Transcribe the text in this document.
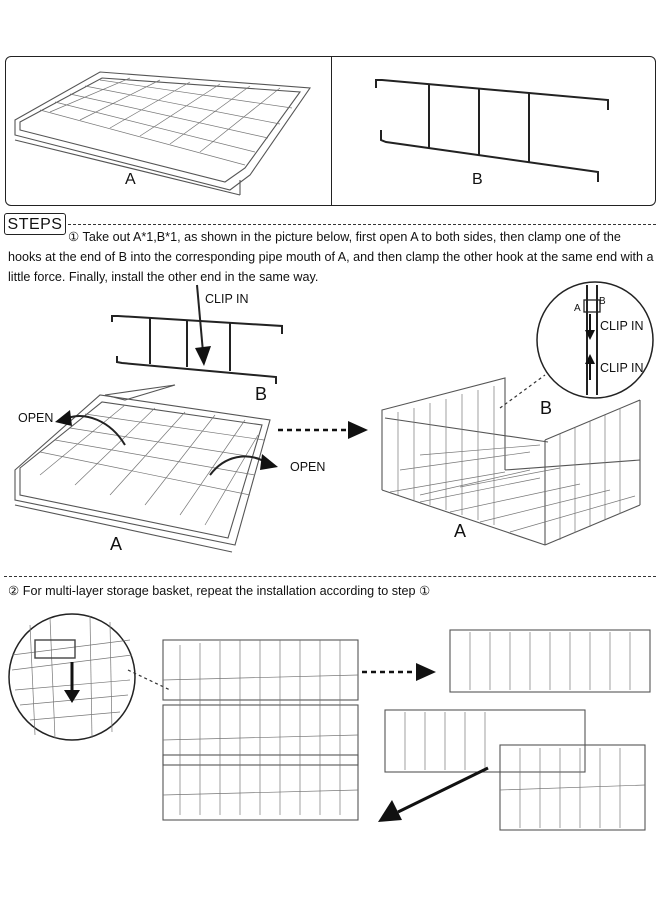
A	B
STEPS
① Take out A*1,B*1, as shown in the picture below, first open A to both sides, then clamp one of the hooks at the end of B into the corresponding pipe mouth of A, and then clamp the other hook at the same end with a little force. Finally, install the other end in the same way.
CLIP IN
OPEN
OPEN
B
A
B
A
A
B
CLIP IN
CLIP IN
② For multi-layer storage basket, repeat the installation according to step ①
